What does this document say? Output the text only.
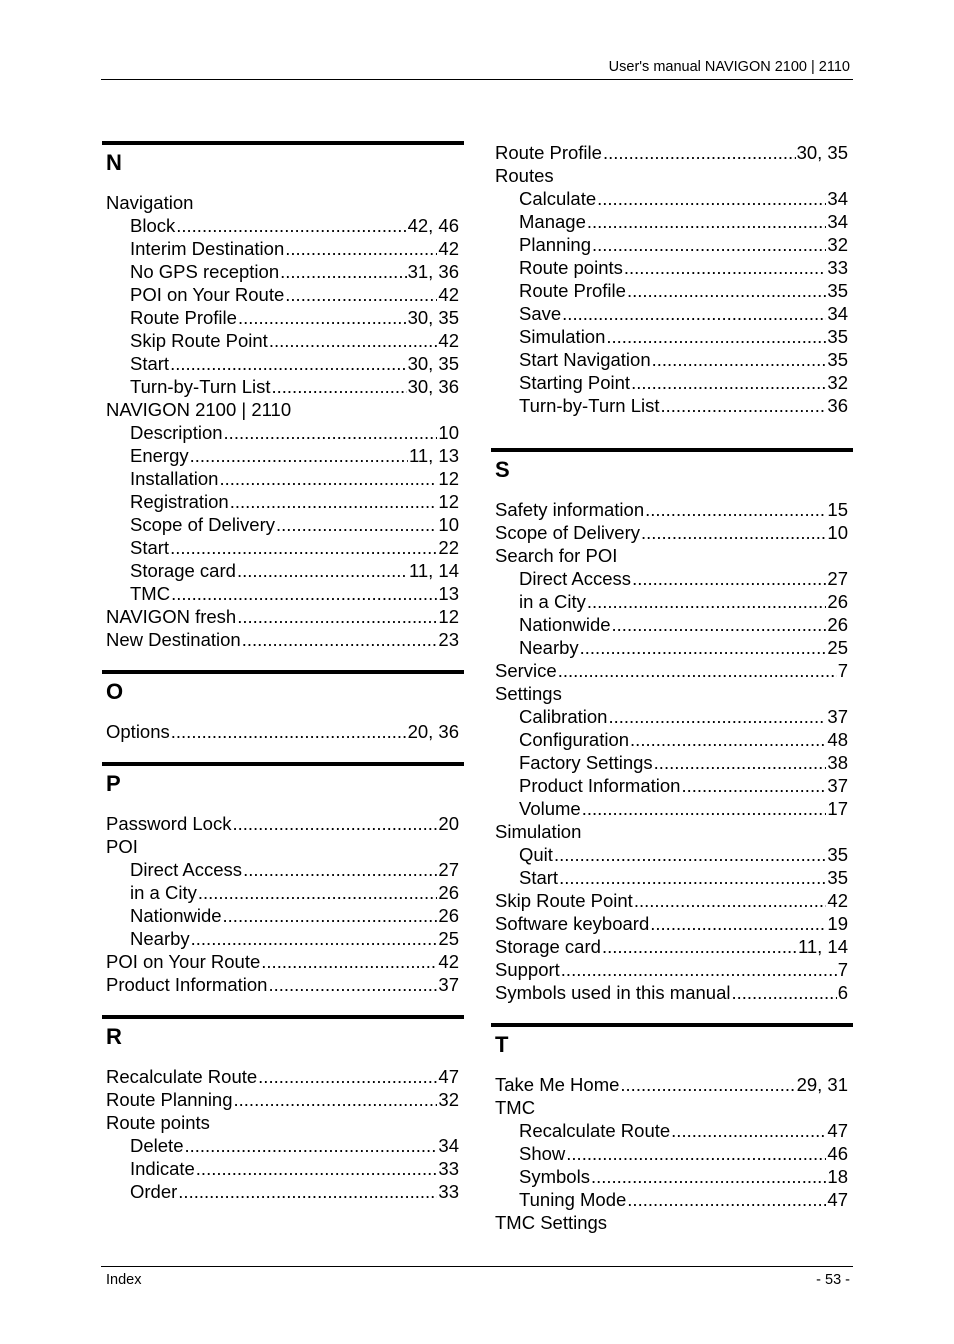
User's manual NAVIGON 2100 | 2110
N
Navigation
Block .....	42, 46
Interim Destination .....	42
No GPS reception .....	31, 36
POI on Your Route .....	42
Route Profile .....	30, 35
Skip Route Point .....	42
Start .....	30, 35
Turn-by-Turn List .....	30, 36
NAVIGON 2100 | 2110
Description .....	10
Energy .....	11, 13
Installation .....	12
Registration .....	12
Scope of Delivery .....	10
Start .....	22
Storage card .....	11, 14
TMC .....	13
NAVIGON fresh .....	12
New Destination .....	23
O
Options .....	20, 36
P
Password Lock .....	20
POI
Direct Access .....	27
in a City .....	26
Nationwide .....	26
Nearby .....	25
POI on Your Route .....	42
Product Information .....	37
R
Recalculate Route .....	47
Route Planning .....	32
Route points
Delete .....	34
Indicate .....	33
Order .....	33
Route Profile .....	30, 35
Routes
Calculate .....	34
Manage .....	34
Planning .....	32
Route points .....	33
Route Profile .....	35
Save .....	34
Simulation .....	35
Start Navigation .....	35
Starting Point .....	32
Turn-by-Turn List .....	36
S
Safety information .....	15
Scope of Delivery .....	10
Search for POI
Direct Access .....	27
in a City .....	26
Nationwide .....	26
Nearby .....	25
Service .....	7
Settings
Calibration .....	37
Configuration .....	48
Factory Settings .....	38
Product Information .....	37
Volume .....	17
Simulation
Quit .....	35
Start .....	35
Skip Route Point .....	42
Software keyboard .....	19
Storage card .....	11, 14
Support .....	7
Symbols used in this manual .....	6
T
Take Me Home .....	29, 31
TMC
Recalculate Route .....	47
Show .....	46
Symbols .....	18
Tuning Mode .....	47
TMC Settings
Index	- 53 -
